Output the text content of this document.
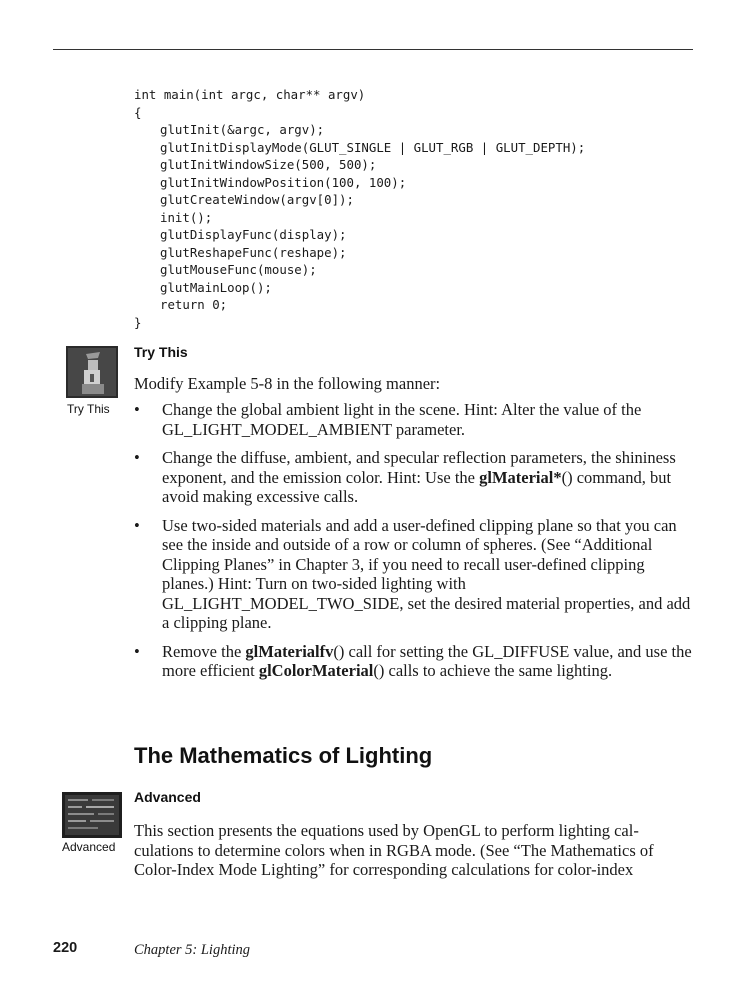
int main(int argc, char** argv)
{
glutInit(&argc, argv);
glutInitDisplayMode(GLUT_SINGLE | GLUT_RGB | GLUT_DEPTH);
glutInitWindowSize(500, 500);
glutInitWindowPosition(100, 100);
glutCreateWindow(argv[0]);
init();
glutDisplayFunc(display);
glutReshapeFunc(reshape);
glutMouseFunc(mouse);
glutMainLoop();
return 0;
}
Try This
Try This
Modify Example 5-8 in the following manner:
• Change the global ambient light in the scene. Hint: Alter the value of the GL_LIGHT_MODEL_AMBIENT parameter.
• Change the diffuse, ambient, and specular reflection parameters, the shininess exponent, and the emission color. Hint: Use the glMaterial*() command, but avoid making excessive calls.
• Use two-sided materials and add a user-defined clipping plane so that you can see the inside and outside of a row or column of spheres. (See “Additional Clipping Planes” in Chapter 3, if you need to recall user-defined clipping planes.) Hint: Turn on two-sided lighting with GL_LIGHT_MODEL_TWO_SIDE, set the desired material properties, and add a clipping plane.
• Remove the glMaterialfv() call for setting the GL_DIFFUSE value, and use the more efficient glColorMaterial() calls to achieve the same lighting.
The Mathematics of Lighting
Advanced
Advanced
This section presents the equations used by OpenGL to perform lighting cal-culations to determine colors when in RGBA mode. (See “The Mathematics of Color-Index Mode Lighting” for corresponding calculations for color-index
220	Chapter 5: Lighting
